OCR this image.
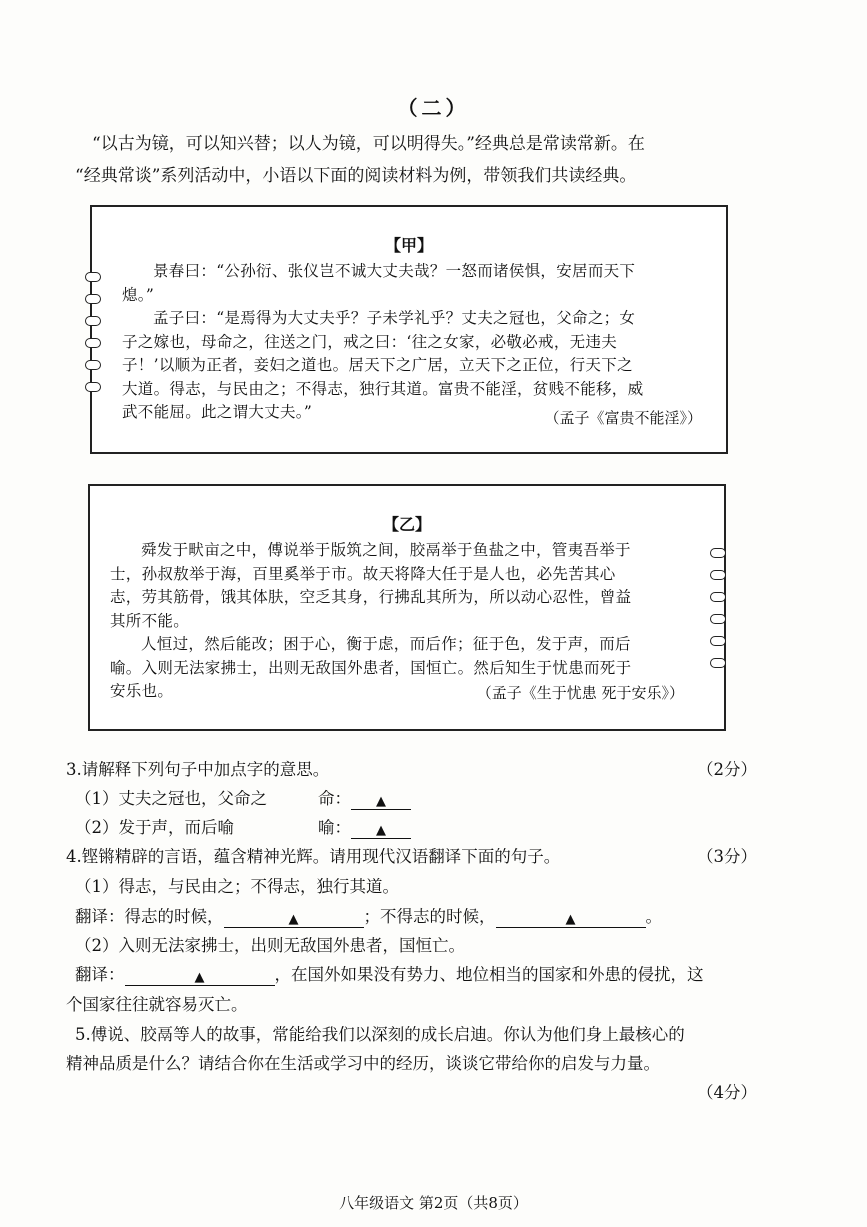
（二）
“以古为镜，可以知兴替；以人为镜，可以明得失。”经典总是常读常新。在
“经典常谈”系列活动中，小语以下面的阅读材料为例，带领我们共读经典。
【甲】
景春曰：“公孙衍、张仪岂不诚大丈夫哉？一怒而诸侯惧，安居而天下
熄。”
孟子曰：“是焉得为大丈夫乎？子未学礼乎？丈夫之冠也，父命之；女
子之嫁也，母命之，往送之门，戒之曰：‘往之女家，必敬必戒，无违夫
子！’以顺为正者，妾妇之道也。居天下之广居，立天下之正位，行天下之
大道。得志，与民由之；不得志，独行其道。富贵不能淫，贫贱不能移，威
武不能屈。此之谓大丈夫。”	（孟子《富贵不能淫》）
【乙】
舜发于畎亩之中，傅说举于版筑之间，胶鬲举于鱼盐之中，管夷吾举于
士，孙叔敖举于海，百里奚举于市。故天将降大任于是人也，必先苦其心
志，劳其筋骨，饿其体肤，空乏其身，行拂乱其所为，所以动心忍性，曾益
其所不能。
人恒过，然后能改；困于心，衡于虑，而后作；征于色，发于声，而后
喻。入则无法家拂士，出则无敌国外患者，国恒亡。然后知生于忧患而死于
安乐也。	（孟子《生于忧患 死于安乐》）
3.请解释下列句子中加点字的意思。	（2分）
（1）丈夫之冠也，父命之	命： ▲
（2）发于声，而后喻	喻： ▲
4.铿锵精辟的言语，蕴含精神光辉。请用现代汉语翻译下面的句子。	（3分）
（1）得志，与民由之；不得志，独行其道。
翻译：得志的时候，	▲	；不得志的时候，	▲	。
（2）入则无法家拂士，出则无敌国外患者，国恒亡。
翻译：	▲	，在国外如果没有势力、地位相当的国家和外患的侵扰，这
个国家往往就容易灭亡。
5.傅说、胶鬲等人的故事，常能给我们以深刻的成长启迪。你认为他们身上最核心的
精神品质是什么？请结合你在生活或学习中的经历，谈谈它带给你的启发与力量。
（4分）
八年级语文 第2页（共8页）
